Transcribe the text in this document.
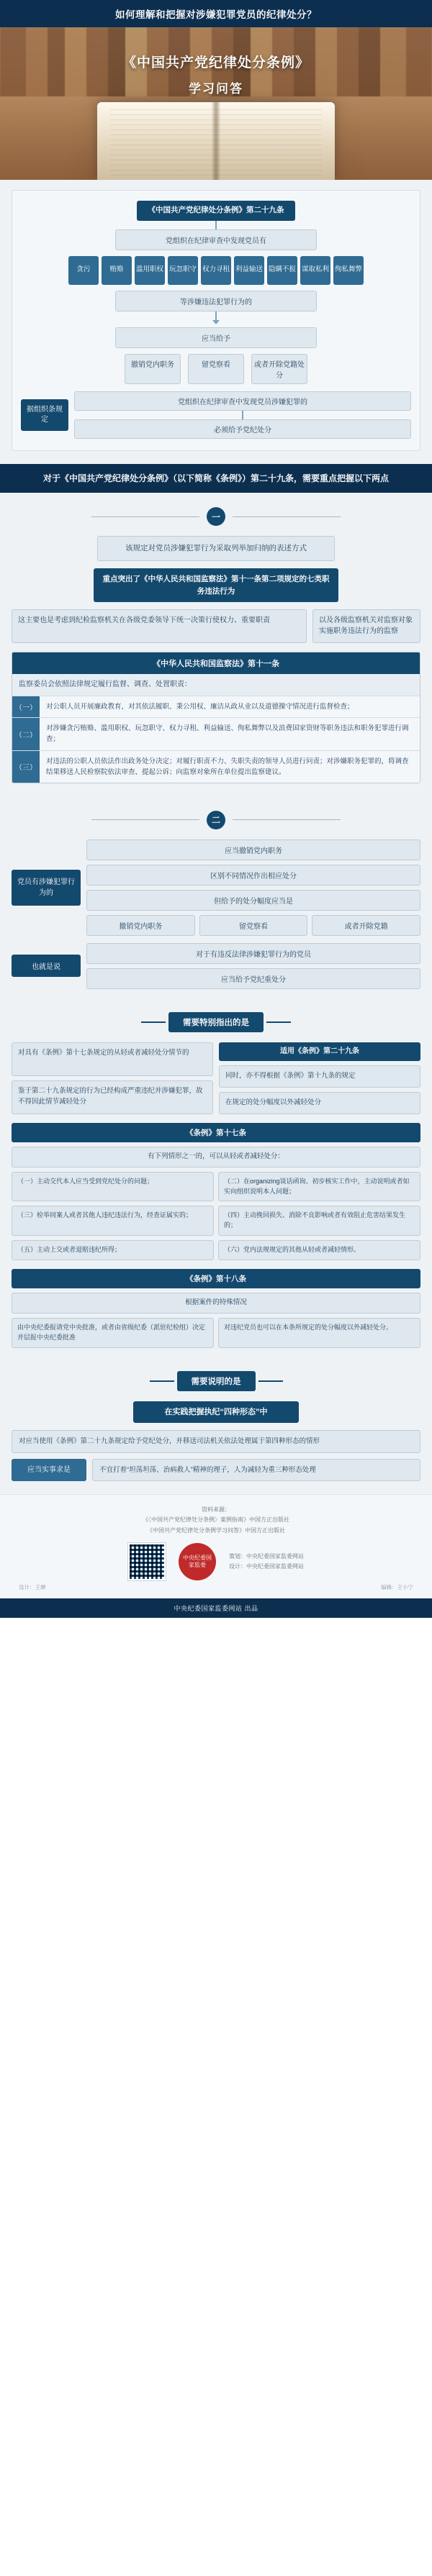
如何理解和把握对涉嫌犯罪党员的纪律处分？
《中国共产党纪律处分条例》
学习问答
《中国共产党纪律处分条例》第二十九条
党组织在纪律审查中发现党员有
贪污	贿赂	滥用职权 玩忽职守 权力寻租 利益输送 隐瞒不报 谋取私利 徇私舞弊
等涉嫌违法犯罪行为的
应当给予
撤销党内职务	留党察看	或者开除党籍处分
据组织条规定
党组织在纪律审查中发现党员涉嫌犯罪的
必须给予党纪处分
对于《中国共产党纪律处分条例》（以下简称《条例》）第二十九条，需要重点把握以下两点
一
该规定对党员涉嫌犯罪行为采取列举加归纳的表述方式
重点突出了《中华人民共和国监察法》第十一条第二项规定的七类职务违法行为
这主要也是考虑到纪检监察机关在各级党委领导下统一决策行使权力、重要职责	以及各级监察机关对监察对象实施职务违法行为的监察
《中华人民共和国监察法》第十一条
监察委员会依照法律规定履行监督、调查、处置职责：
（一）	对公职人员开展廉政教育，对其依法履职、秉公用权、廉洁从政从业以及道德操守情况进行监督检查；
（二）
对涉嫌贪污贿赂、滥用职权、玩忽职守、权力寻租、利益输送、徇私舞弊以及浪费国家资财等职务违法和职务犯罪进行调查；
（三）
对违法的公职人员依法作出政务处分决定；对履行职责不力、失职失责的领导人员进行问责；对涉嫌职务犯罪的，将调查结果移送人民检察院依法审查、提起公诉；向监察对象所在单位提出监察建议。
二
党员有涉嫌犯罪行为的
应当撤销党内职务
区别不同情况作出相应处分
但给予的处分幅度应当是
撤销党内职务	留党察看	或者开除党籍
也就是说
对于有违反法律涉嫌犯罪行为的党员
应当给予党纪重处分
需要特别指出的是
对具有《条例》第十七条规定的从轻或者减轻处分情节的
鉴于第二十九条规定的行为已经构成严重违纪并涉嫌犯罪，故不得因此情节减轻处分
适用《条例》第二十九条
同时，亦不得根据《条例》第十九条的规定
在规定的处分幅度以外减轻处分
《条例》第十七条
有下列情形之一的，可以从轻或者减轻处分：
（一）主动交代本人应当受到党纪处分的问题；	（二）在organizing谈话函询、初步核实工作中，主动说明或者如实向组织说明本人问题；
（三）检举同案人或者其他人违纪违法行为，经查证属实的；	（四）主动挽回损失、消除不良影响或者有效阻止危害结果发生的；
（五）主动上交或者退赔违纪所得；	（六）党内法规规定的其他从轻或者减轻情形。
《条例》第十八条
根据案件的特殊情况
由中央纪委报请党中央批准，或者由省级纪委（派驻纪检组）决定并层报中央纪委批准
对违纪党员也可以在本条所规定的处分幅度以外减轻处分。
需要说明的是
在实践把握执纪“四种形态”中
对应当使用《条例》第二十九条规定给予党纪处分，并移送司法机关依法处理属于第四种形态的情形
应当实事求是	不宜打着“坦荡坦荡、治病救人”精神的理子，人为减轻为重三种形态处理
资料来源：
《〈中国共产党纪律处分条例〉案例指南》中国方正出版社
《中国共产党纪律处分条例学习问答》中国方正出版社
中央纪委国家监委
策划：中央纪委国家监委网站
设计：中央纪委国家监委网站
设计：王婵	编辑：王小宁
中央纪委国家监委网站 出品
